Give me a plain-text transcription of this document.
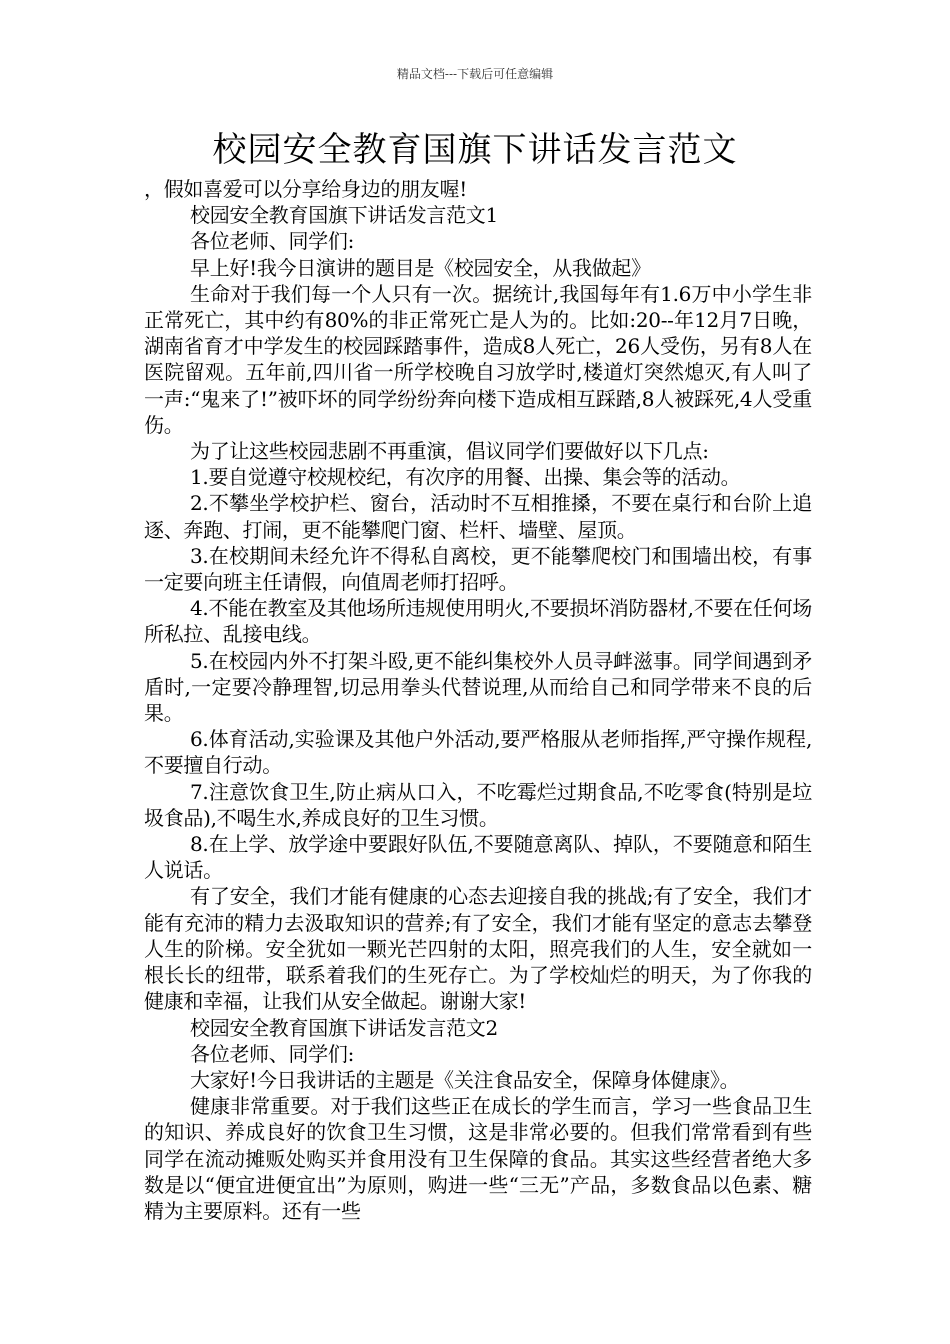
精品文档---下载后可任意编辑
校园安全教育国旗下讲话发言范文

，假如喜爱可以分享给身边的朋友喔!

校园安全教育国旗下讲话发言范文1

各位老师、同学们:

早上好!我今日演讲的题目是《校园安全，从我做起》

生命对于我们每一个人只有一次。据统计,我国每年有1.6万中小学生非正常死亡，其中约有80%的非正常死亡是人为的。比如:20--年12月7日晚，湖南省育才中学发生的校园踩踏事件，造成8人死亡，26人受伤，另有8人在医院留观。五年前,四川省一所学校晚自习放学时,楼道灯突然熄灭,有人叫了一声:“鬼来了!”被吓坏的同学纷纷奔向楼下造成相互踩踏,8人被踩死,4人受重伤。

为了让这些校园悲剧不再重演，倡议同学们要做好以下几点:

1.要自觉遵守校规校纪，有次序的用餐、出操、集会等的活动。

2.不攀坐学校护栏、窗台，活动时不互相推搡，不要在桌行和台阶上追逐、奔跑、打闹，更不能攀爬门窗、栏杆、墙壁、屋顶。

3.在校期间未经允许不得私自离校，更不能攀爬校门和围墙出校，有事一定要向班主任请假，向值周老师打招呼。

4.不能在教室及其他场所违规使用明火,不要损坏消防器材,不要在任何场所私拉、乱接电线。

5.在校园内外不打架斗殴,更不能纠集校外人员寻衅滋事。同学间遇到矛盾时,一定要冷静理智,切忌用拳头代替说理,从而给自己和同学带来不良的后果。

6.体育活动,实验课及其他户外活动,要严格服从老师指挥,严守操作规程,不要擅自行动。

7.注意饮食卫生,防止病从口入，不吃霉烂过期食品,不吃零食(特别是垃圾食品),不喝生水,养成良好的卫生习惯。

8.在上学、放学途中要跟好队伍,不要随意离队、掉队，不要随意和陌生人说话。

有了安全，我们才能有健康的心态去迎接自我的挑战;有了安全，我们才能有充沛的精力去汲取知识的营养;有了安全，我们才能有坚定的意志去攀登人生的阶梯。安全犹如一颗光芒四射的太阳，照亮我们的人生，安全就如一根长长的纽带，联系着我们的生死存亡。为了学校灿烂的明天，为了你我的健康和幸福，让我们从安全做起。谢谢大家!

校园安全教育国旗下讲话发言范文2

各位老师、同学们:

大家好!今日我讲话的主题是《关注食品安全，保障身体健康》。

健康非常重要。对于我们这些正在成长的学生而言，学习一些食品卫生的知识、养成良好的饮食卫生习惯，这是非常必要的。但我们常常看到有些同学在流动摊贩处购买并食用没有卫生保障的食品。其实这些经营者绝大多数是以“便宜进便宜出”为原则，购进一些“三无”产品，多数食品以色素、糖精为主要原料。还有一些
